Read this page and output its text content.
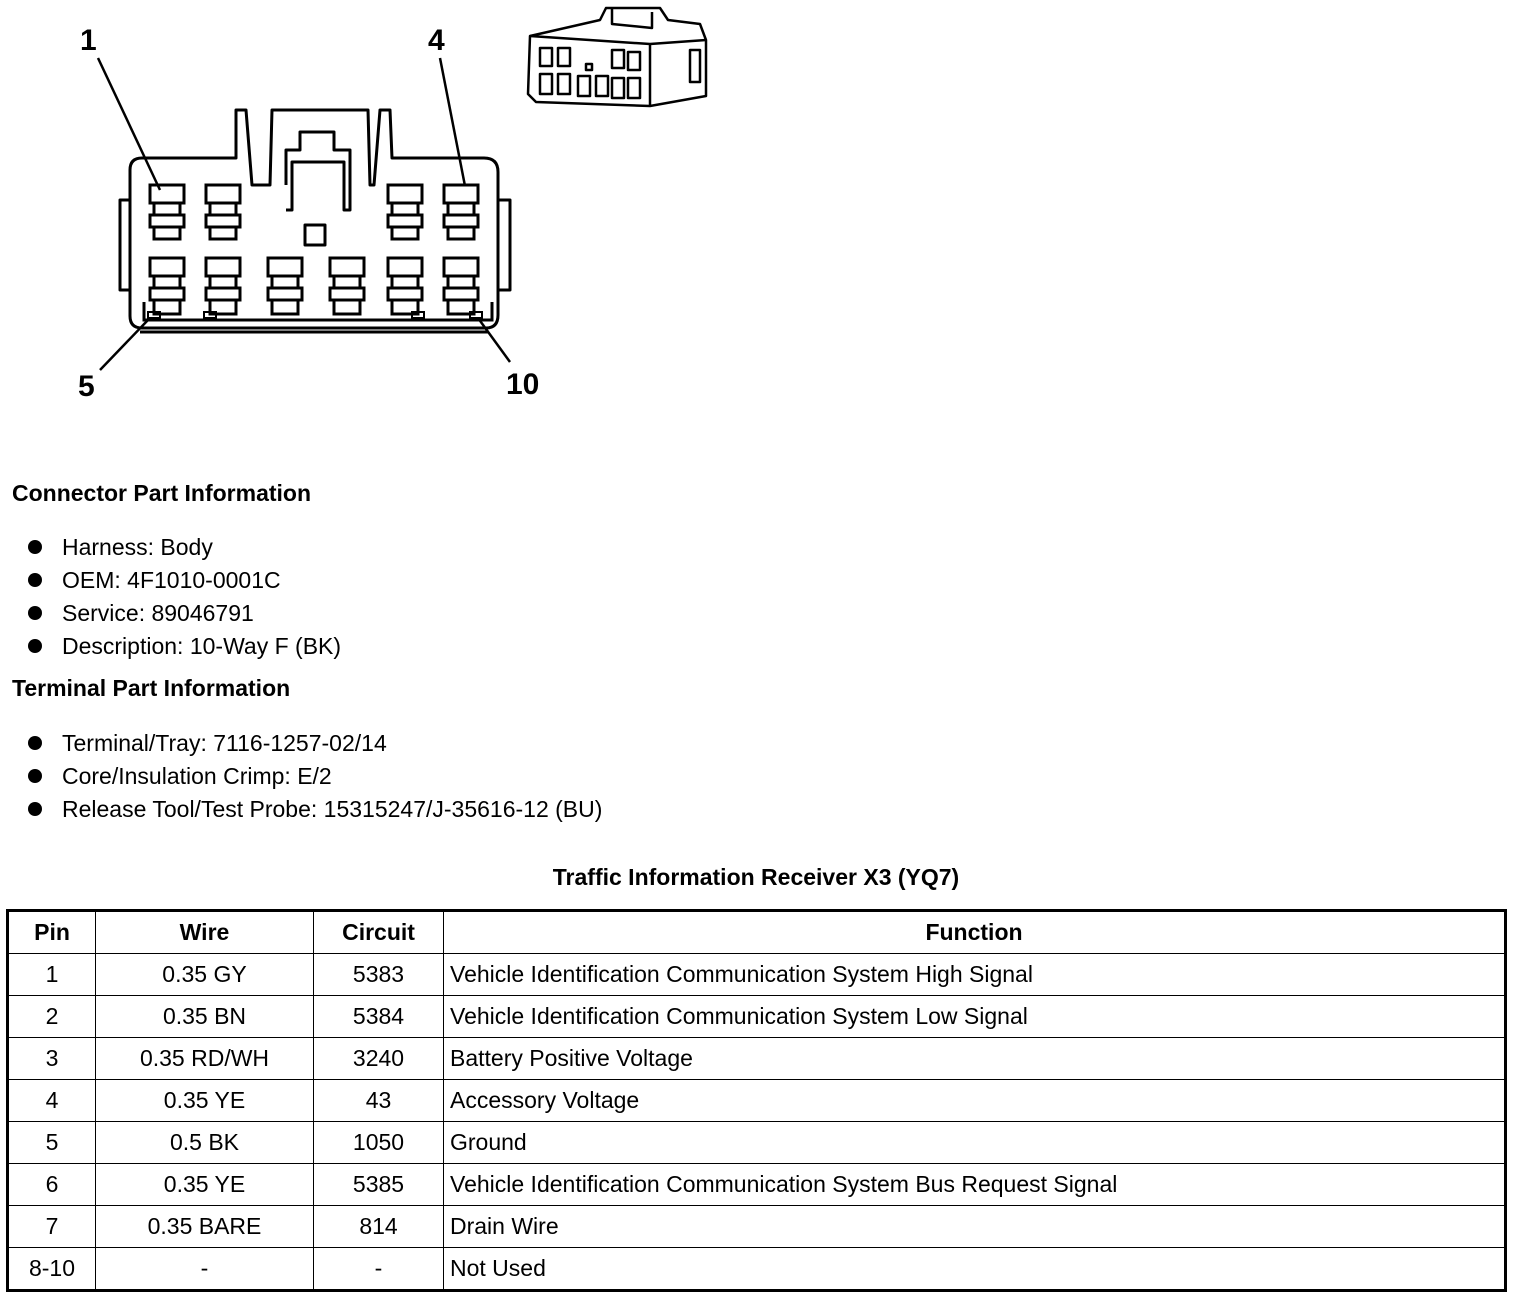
1	4
5	10
Connector Part Information
Harness: Body
OEM: 4F1010-0001C
Service: 89046791
Description: 10-Way F (BK)
Terminal Part Information
Terminal/Tray: 7116-1257-02/14
Core/Insulation Crimp: E/2
Release Tool/Test Probe: 15315247/J-35616-12 (BU)
Traffic Information Receiver X3 (YQ7)
Pin	Wire	Circuit	Function
1	0.35 GY	5383	Vehicle Identification Communication System High Signal
2	0.35 BN	5384	Vehicle Identification Communication System Low Signal
3	0.35 RD/WH	3240	Battery Positive Voltage
4	0.35 YE	43	Accessory Voltage
5	0.5 BK	1050	Ground
6	0.35 YE	5385	Vehicle Identification Communication System Bus Request Signal
7	0.35 BARE	814	Drain Wire
8-10	-	-	Not Used
